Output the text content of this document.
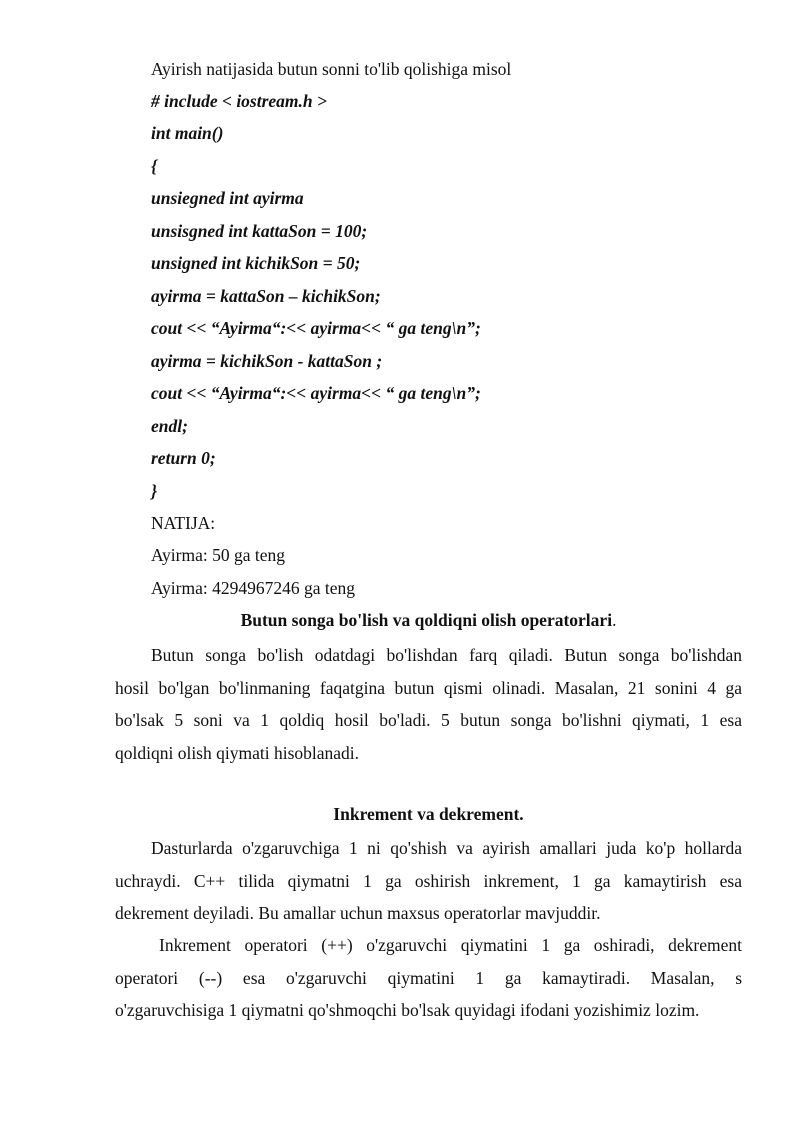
Ayirish natijasida butun sonni to'lib qolishiga misol
# include < iostream.h >
int main()
{
unsiegned int ayirma
unsisgned int kattaSon = 100;
unsigned int kichikSon = 50;
ayirma = kattaSon – kichikSon;
cout << “Ayirma“:<< ayirma<< “ ga teng\n”;
ayirma = kichikSon - kattaSon ;
cout << “Ayirma“:<< ayirma<< “ ga teng\n”;
endl;
return 0;
}
NATIJA:
Ayirma: 50 ga teng
Ayirma: 4294967246 ga teng
Butun songa bo'lish va qoldiqni olish operatorlari.
Butun songa bo'lish odatdagi bo'lishdan farq qiladi. Butun songa bo'lishdan
hosil bo'lgan bo'linmaning faqatgina butun qismi olinadi. Masalan, 21 sonini 4 ga
bo'lsak 5 soni va 1 qoldiq hosil bo'ladi. 5 butun songa bo'lishni qiymati, 1 esa
qoldiqni olish qiymati hisoblanadi.
Inkrement va dekrement.
Dasturlarda o'zgaruvchiga 1 ni qo'shish va ayirish amallari juda ko'p hollarda
uchraydi. C++ tilida qiymatni 1 ga oshirish inkrement, 1 ga kamaytirish esa
dekrement deyiladi. Bu amallar uchun maxsus operatorlar mavjuddir.
Inkrement operatori (++) o'zgaruvchi qiymatini 1 ga oshiradi, dekrement
operatori (--) esa o'zgaruvchi qiymatini 1 ga kamaytiradi. Masalan, s
o'zgaruvchisiga 1 qiymatni qo'shmoqchi bo'lsak quyidagi ifodani yozishimiz lozim.
